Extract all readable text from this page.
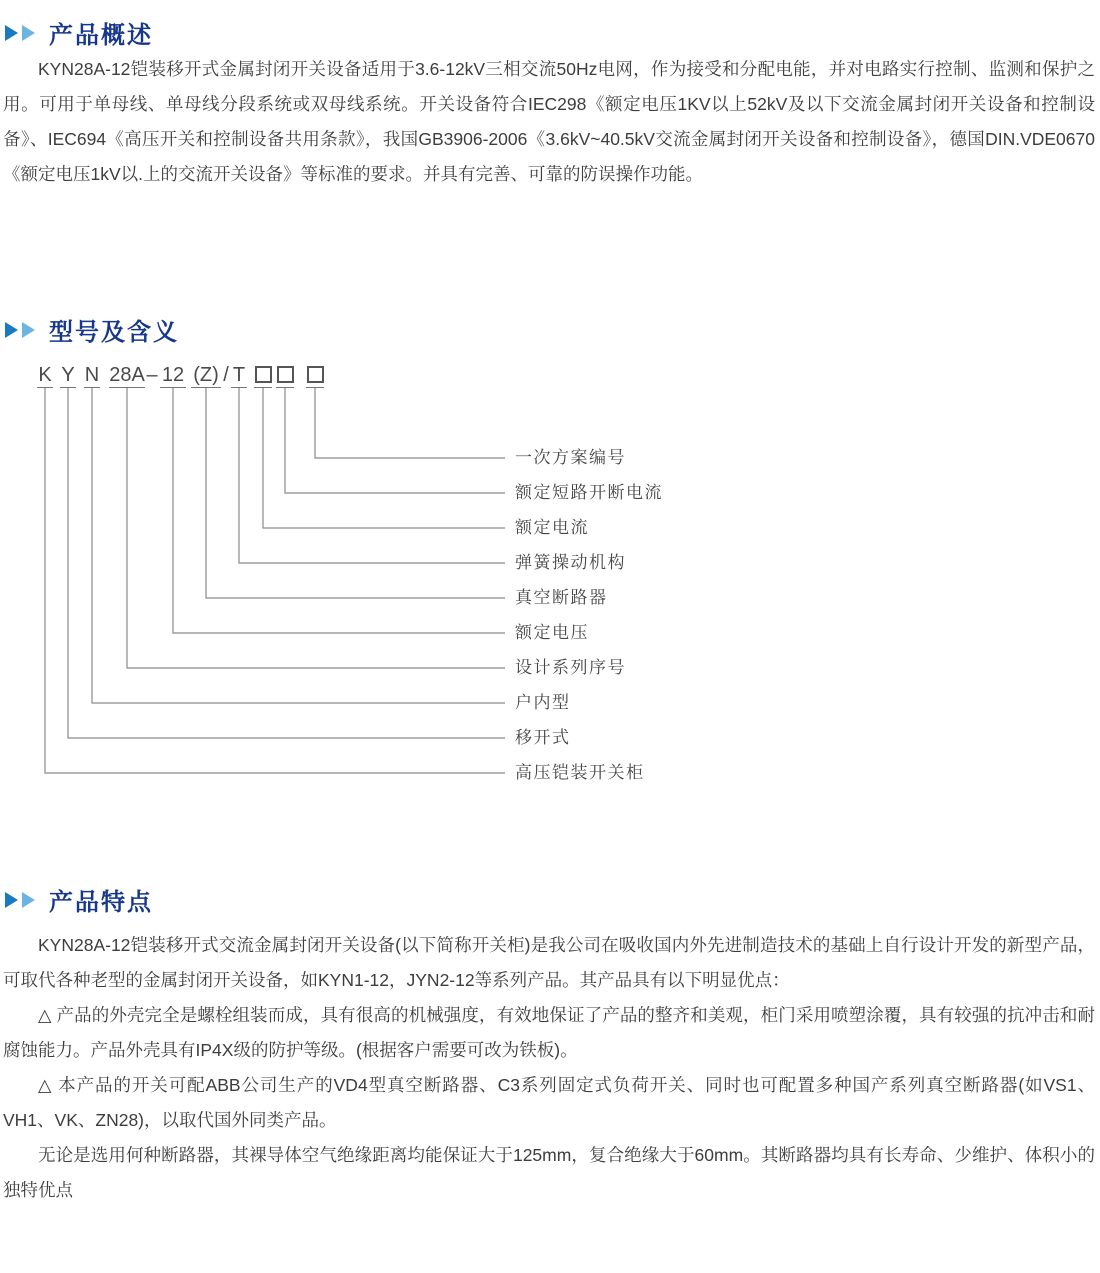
产品概述

KYN28A-12铠装移开式金属封闭开关设备适用于3.6-12kV三相交流50Hz电网，作为接受和分配电能，并对电路实行控制、监测和保护之用。可用于单母线、单母线分段系统或双母线系统。开关设备符合IEC298《额定电压1KV以上52kV及以下交流金属封闭开关设备和控制设备》、IEC694《高压开关和控制设备共用条款》，我国GB3906-2006《3.6kV~40.5kV交流金属封闭开关设备和控制设备》，德国DIN.VDE0670《额定电压1kV以.上的交流开关设备》等标准的要求。并具有完善、可靠的防误操作功能。

型号及含义
K Y N 28A – 12 (Z) / T
一次方案编号
额定短路开断电流
额定电流
弹簧操动机构
真空断路器
额定电压
设计系列序号
户内型
移开式
高压铠装开关柜
产品特点

KYN28A-12铠装移开式交流金属封闭开关设备(以下简称开关柜)是我公司在吸收国内外先进制造技术的基础上自行设计开发的新型产品，可取代各种老型的金属封闭开关设备，如KYN1-12，JYN2-12等系列产品。其产品具有以下明显优点：

△ 产品的外壳完全是螺栓组装而成，具有很高的机械强度，有效地保证了产品的整齐和美观，柜门采用喷塑涂覆，具有较强的抗冲击和耐腐蚀能力。产品外壳具有IP4X级的防护等级。(根据客户需要可改为铁板)。

△ 本产品的开关可配ABB公司生产的VD4型真空断路器、C3系列固定式负荷开关、同时也可配置多种国产系列真空断路器(如VS1、VH1、VK、ZN28)，以取代国外同类产品。

无论是选用何种断路器，其裸导体空气绝缘距离均能保证大于125mm，复合绝缘大于60mm。其断路器均具有长寿命、少维护、体积小的独特优点
